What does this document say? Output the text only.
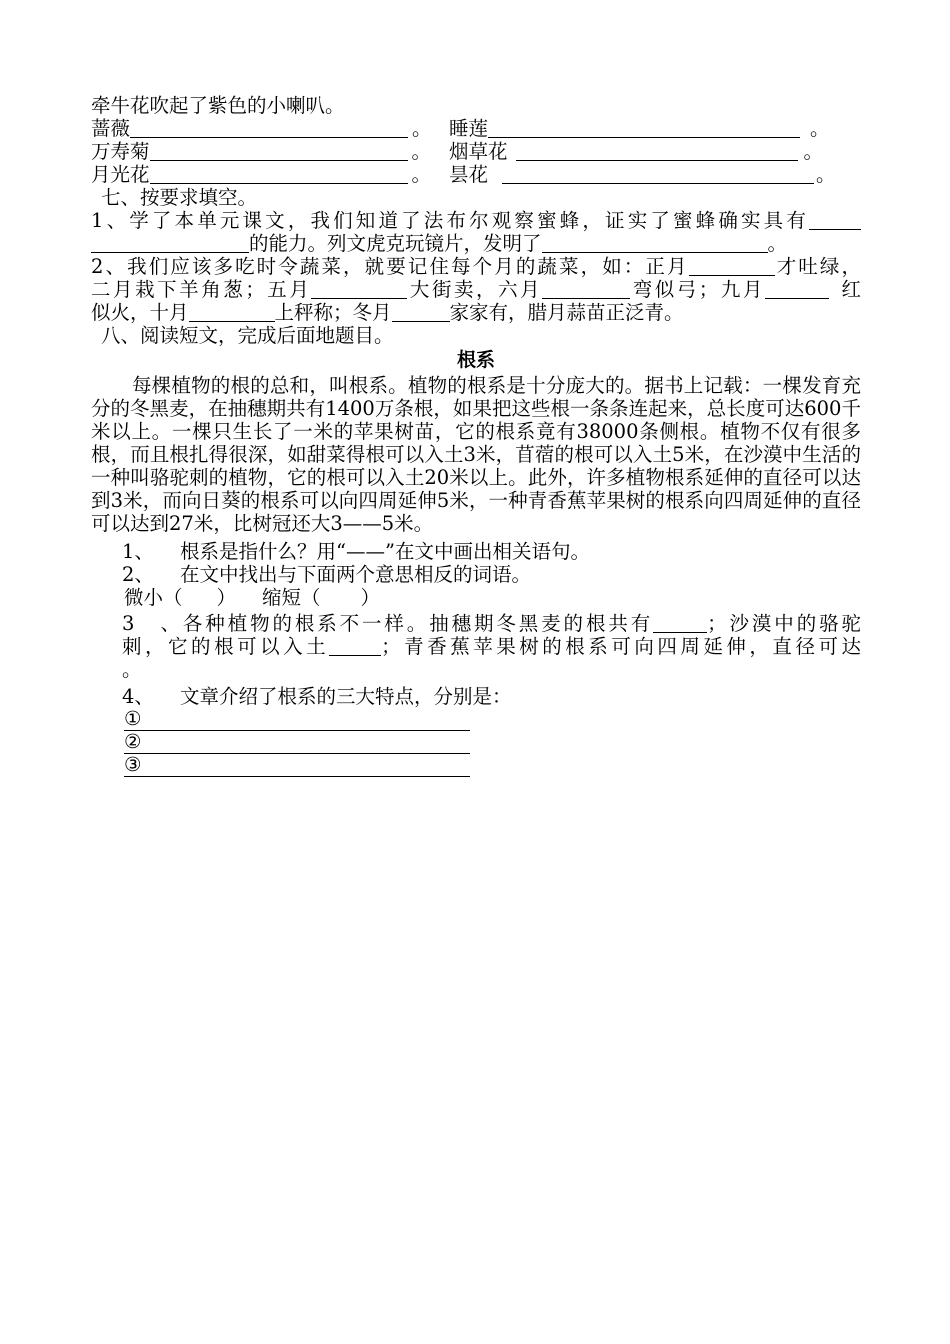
牵牛花吹起了紫色的小喇叭。
蔷薇	。 睡莲	。
万寿菊	。 烟草花	。
月光花	。 昙花	。
七、按要求填空。
1、学了本单元课文，我们知道了法布尔观察蜜蜂，证实了蜜蜂确实具有
的能力。列文虎克玩镜片，发明了	。
2、我们应该多吃时令蔬菜，就要记住每个月的蔬菜，如：正月	才吐绿，
二月栽下羊角葱；五月	大街卖，六月	弯似弓；九月	红
似火，十月	上秤称；冬月	家家有，腊月蒜苗正泛青。
八、阅读短文，完成后面地题目。
根系

每棵植物的根的总和，叫根系。植物的根系是十分庞大的。据书上记载：一棵发育充分的冬黑麦，在抽穗期共有1400万条根，如果把这些根一条条连起来，总长度可达600千米以上。一棵只生长了一米的苹果树苗，它的根系竟有38000条侧根。植物不仅有很多根，而且根扎得很深，如甜菜得根可以入土3米，苜蓿的根可以入土5米，在沙漠中生活的一种叫骆驼刺的植物，它的根可以入土20米以上。此外，许多植物根系延伸的直径可以达到3米，而向日葵的根系可以向四周延伸5米，一种青香蕉苹果树的根系向四周延伸的直径可以达到27米，比树冠还大3——5米。

1、 根系是指什么？用“——”在文中画出相关语句。
2、 在文中找出与下面两个意思相反的词语。
微小（ ） 缩短（ ）
3、各种植物的根系不一样。抽穗期冬黑麦的根共有	；沙漠中的骆驼
刺，它的根可以入土	；青香蕉苹果树的根系可向四周延伸，直径可达
。
4、 文章介绍了根系的三大特点，分别是：
①
②
③
